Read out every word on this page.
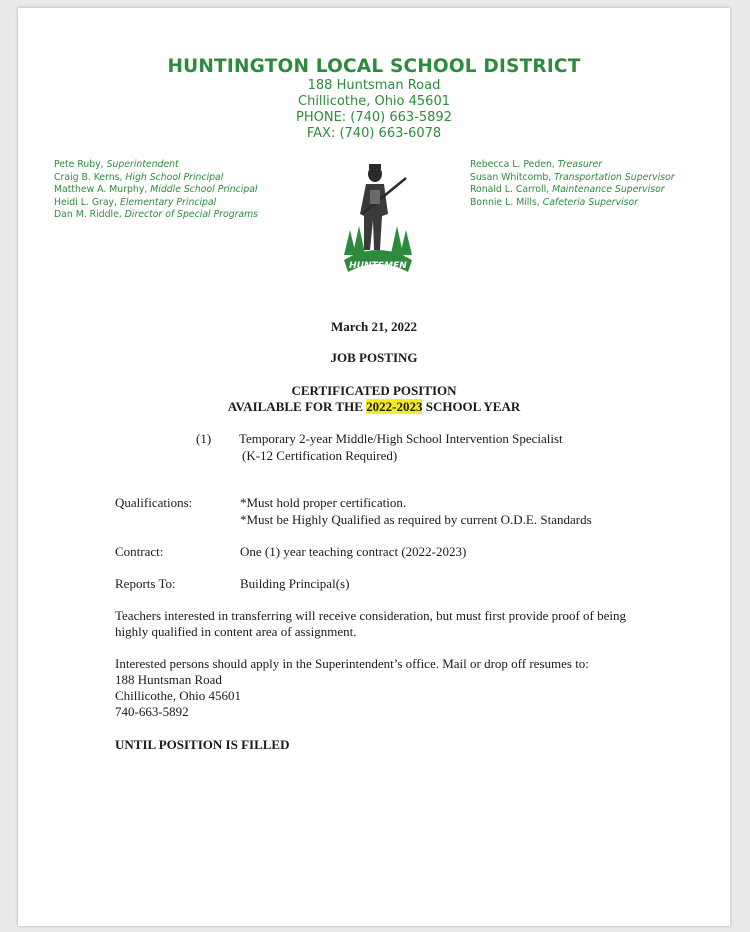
HUNTINGTON LOCAL SCHOOL DISTRICT
188 Huntsman Road
Chillicothe, Ohio 45601
PHONE: (740) 663-5892
FAX: (740) 663-6078
Pete Ruby, Superintendent
Craig B. Kerns, High School Principal
Matthew A. Murphy, Middle School Principal
Heidi L. Gray, Elementary Principal
Dan M. Riddle, Director of Special Programs
Rebecca L. Peden, Treasurer
Susan Whitcomb, Transportation Supervisor
Ronald L. Carroll, Maintenance Supervisor
Bonnie L. Mills, Cafeteria Supervisor
HUNTSMEN
March 21, 2022
JOB POSTING
CERTIFICATED POSITION
AVAILABLE FOR THE 2022-2023 SCHOOL YEAR
(1) Temporary 2-year Middle/High School Intervention Specialist
(K-12 Certification Required)
Qualifications:	*Must hold proper certification.
*Must be Highly Qualified as required by current O.D.E. Standards
Contract:	One (1) year teaching contract (2022-2023)
Reports To:	Building Principal(s)
Teachers interested in transferring will receive consideration, but must first provide proof of being
highly qualified in content area of assignment.
Interested persons should apply in the Superintendent’s office. Mail or drop off resumes to:
188 Huntsman Road
Chillicothe, Ohio 45601
740-663-5892
UNTIL POSITION IS FILLED
